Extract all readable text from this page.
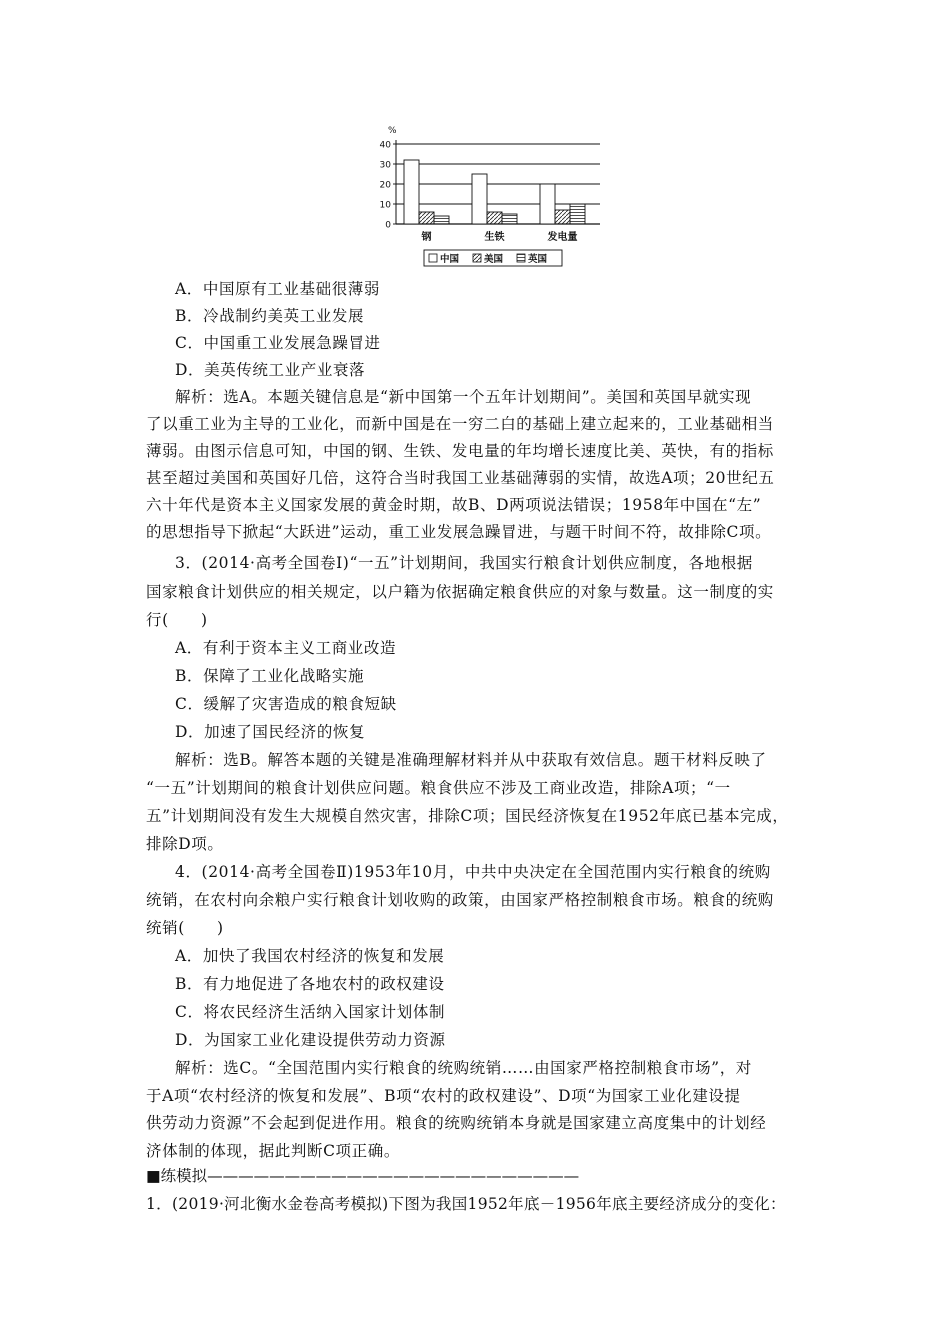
0
10
20
30
40
钢	生铁	发电量
%
中国	美国	英国
A．中国原有工业基础很薄弱
B．冷战制约美英工业发展
C．中国重工业发展急躁冒进
D．美英传统工业产业衰落
解析：选A。本题关键信息是“新中国第一个五年计划期间”。美国和英国早就实现
了以重工业为主导的工业化，而新中国是在一穷二白的基础上建立起来的，工业基础相当
薄弱。由图示信息可知，中国的钢、生铁、发电量的年均增长速度比美、英快，有的指标
甚至超过美国和英国好几倍，这符合当时我国工业基础薄弱的实情，故选A项；20世纪五
六十年代是资本主义国家发展的黄金时期，故B、D两项说法错误；1958年中国在“左”
的思想指导下掀起“大跃进”运动，重工业发展急躁冒进，与题干时间不符，故排除C项。
3．(2014·高考全国卷Ⅰ)“一五”计划期间，我国实行粮食计划供应制度，各地根据
国家粮食计划供应的相关规定，以户籍为依据确定粮食供应的对象与数量。这一制度的实
行(　　)
A．有利于资本主义工商业改造
B．保障了工业化战略实施
C．缓解了灾害造成的粮食短缺
D．加速了国民经济的恢复
解析：选B。解答本题的关键是准确理解材料并从中获取有效信息。题干材料反映了
“一五”计划期间的粮食计划供应问题。粮食供应不涉及工商业改造，排除A项；“一
五”计划期间没有发生大规模自然灾害，排除C项；国民经济恢复在1952年底已基本完成，
排除D项。
4．(2014·高考全国卷Ⅱ)1953年10月，中共中央决定在全国范围内实行粮食的统购
统销，在农村向余粮户实行粮食计划收购的政策，由国家严格控制粮食市场。粮食的统购
统销(　　)
A．加快了我国农村经济的恢复和发展
B．有力地促进了各地农村的政权建设
C．将农民经济生活纳入国家计划体制
D．为国家工业化建设提供劳动力资源
解析：选C。“全国范围内实行粮食的统购统销……由国家严格控制粮食市场”，对
于A项“农村经济的恢复和发展”、B项“农村的政权建设”、D项“为国家工业化建设提
供劳动力资源”不会起到促进作用。粮食的统购统销本身就是国家建立高度集中的计划经
济体制的体现，据此判断C项正确。
■练模拟————————————————————————
1．(2019·河北衡水金卷高考模拟)下图为我国1952年底－1956年底主要经济成分的变化：
